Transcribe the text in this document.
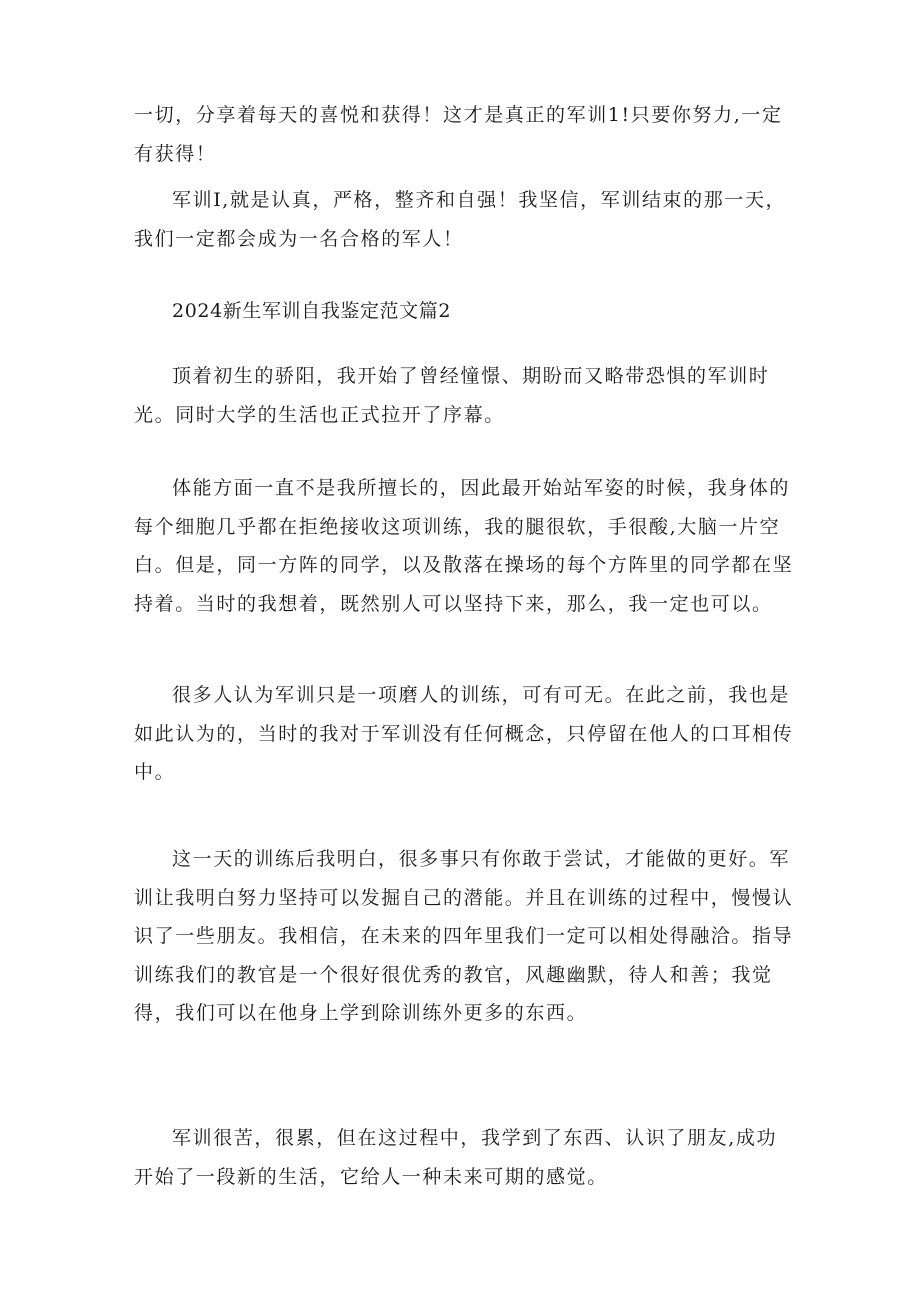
一切，分享着每天的喜悦和获得！这才是真正的军训1!只要你努力,一定
有获得！

军训I,就是认真，严格，整齐和自强！我坚信，军训结束的那一天，
我们一定都会成为一名合格的军人！

2024新生军训自我鉴定范文篇2

顶着初生的骄阳，我开始了曾经憧憬、期盼而又略带恐惧的军训时
光。同时大学的生活也正式拉开了序幕。

体能方面一直不是我所擅长的，因此最开始站军姿的时候，我身体的
每个细胞几乎都在拒绝接收这项训练，我的腿很软，手很酸,大脑一片空
白。但是，同一方阵的同学，以及散落在操场的每个方阵里的同学都在坚
持着。当时的我想着，既然别人可以坚持下来，那么，我一定也可以。

很多人认为军训只是一项磨人的训练，可有可无。在此之前，我也是
如此认为的，当时的我对于军训没有任何概念，只停留在他人的口耳相传
中。

这一天的训练后我明白，很多事只有你敢于尝试，才能做的更好。军
训让我明白努力坚持可以发掘自己的潜能。并且在训练的过程中，慢慢认
识了一些朋友。我相信，在未来的四年里我们一定可以相处得融洽。指导
训练我们的教官是一个很好很优秀的教官，风趣幽默，待人和善；我觉
得，我们可以在他身上学到除训练外更多的东西。

军训很苦，很累，但在这过程中，我学到了东西、认识了朋友,成功
开始了一段新的生活，它给人一种未来可期的感觉。
